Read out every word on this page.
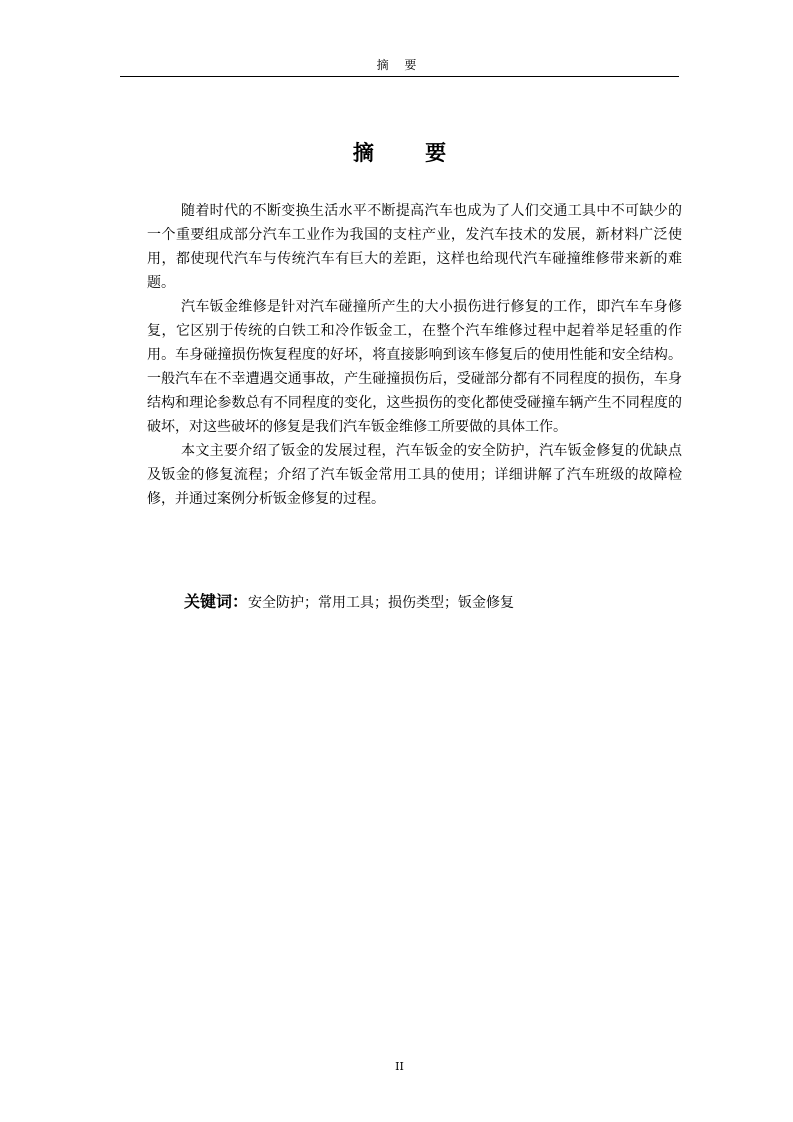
摘 要
摘 要

随着时代的不断变换生活水平不断提高汽车也成为了人们交通工具中不可缺少的一个重要组成部分汽车工业作为我国的支柱产业，发汽车技术的发展，新材料广泛使用，都使现代汽车与传统汽车有巨大的差距，这样也给现代汽车碰撞维修带来新的难题。

汽车钣金维修是针对汽车碰撞所产生的大小损伤进行修复的工作，即汽车车身修复，它区别于传统的白铁工和冷作钣金工，在整个汽车维修过程中起着举足轻重的作用。车身碰撞损伤恢复程度的好坏，将直接影响到该车修复后的使用性能和安全结构。一般汽车在不幸遭遇交通事故，产生碰撞损伤后，受碰部分都有不同程度的损伤，车身结构和理论参数总有不同程度的变化，这些损伤的变化都使受碰撞车辆产生不同程度的破坏，对这些破坏的修复是我们汽车钣金维修工所要做的具体工作。

本文主要介绍了钣金的发展过程，汽车钣金的安全防护，汽车钣金修复的优缺点及钣金的修复流程；介绍了汽车钣金常用工具的使用；详细讲解了汽车班级的故障检修，并通过案例分析钣金修复的过程。

关键词：安全防护；常用工具；损伤类型；钣金修复
II
